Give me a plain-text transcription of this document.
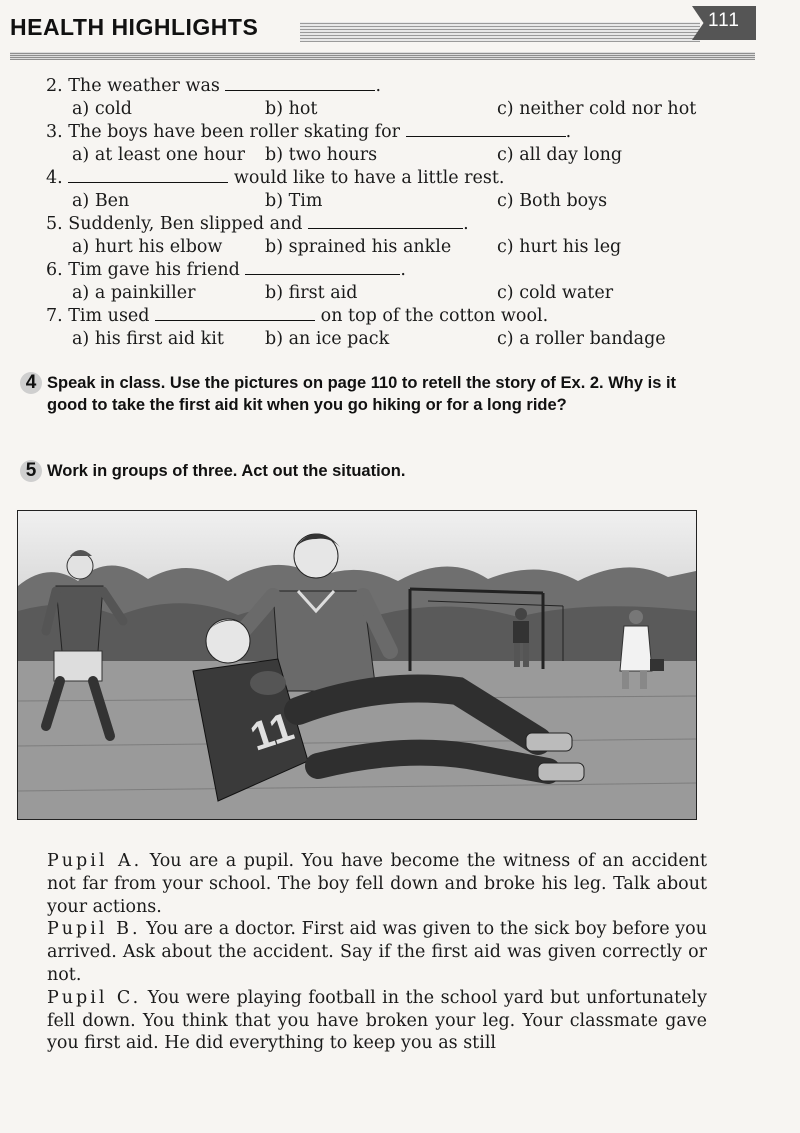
HEALTH HIGHLIGHTS	111
2. The weather was	.
a) cold	b) hot	c) neither cold nor hot
3. The boys have been roller skating for	.
a) at least one hour b) two hours	c) all day long
4.	would like to have a little rest.
a) Ben	b) Tim	c) Both boys
5. Suddenly, Ben slipped and	.
a) hurt his elbow b) sprained his ankle	c) hurt his leg
6. Tim gave his friend	.
a) a painkiller	b) first aid	c) cold water
7. Tim used	on top of the cotton wool.
a) his first aid kit b) an ice pack	c) a roller bandage
4 Speak in class. Use the pictures on page 110 to retell the story of Ex. 2. Why is it good to take the first aid kit when you go hiking or for a long ride?
5 Work in groups of three. Act out the situation.
11

Pupil A. You are a pupil. You have become the witness of an accident not far from your school. The boy fell down and broke his leg. Talk about your actions.

Pupil B. You are a doctor. First aid was given to the sick boy before you arrived. Ask about the accident. Say if the first aid was given correctly or not.

Pupil C. You were playing football in the school yard but unfortunately fell down. You think that you have broken your leg. Your classmate gave you first aid. He did everything to keep you as still
